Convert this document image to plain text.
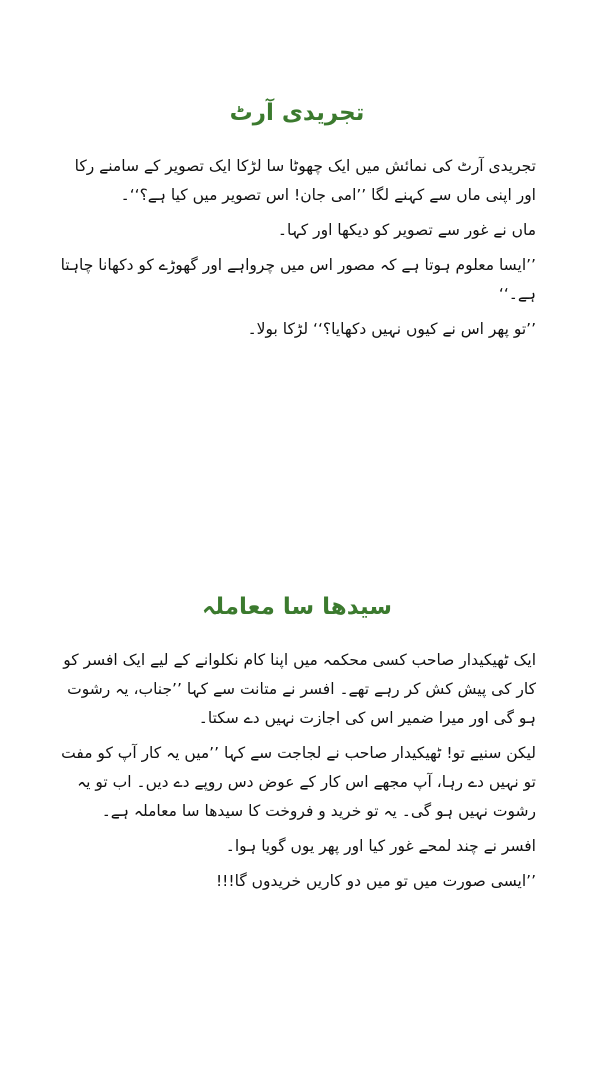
تجریدی آرٹ

تجریدی آرٹ کی نمائش میں ایک چھوٹا سا لڑکا ایک تصویر کے سامنے رکا اور اپنی ماں سے کہنے لگا ’’امی جان! اس تصویر میں کیا ہے؟‘‘۔

ماں نے غور سے تصویر کو دیکھا اور کہا۔

’’ایسا معلوم ہوتا ہے کہ مصور اس میں چرواہے اور گھوڑے کو دکھانا چاہتا ہے۔‘‘

’’تو پھر اس نے کیوں نہیں دکھایا؟‘‘ لڑکا بولا۔

سیدھا سا معاملہ

ایک ٹھیکیدار صاحب کسی محکمہ میں اپنا کام نکلوانے کے لیے ایک افسر کو کار کی پیش کش کر رہے تھے۔ افسر نے متانت سے کہا ’’جناب، یہ رشوت ہو گی اور میرا ضمیر اس کی اجازت نہیں دے سکتا۔

لیکن سنیے تو! ٹھیکیدار صاحب نے لجاجت سے کہا ’’میں یہ کار آپ کو مفت تو نہیں دے رہا، آپ مجھے اس کار کے عوض دس روپے دے دیں۔ اب تو یہ رشوت نہیں ہو گی۔ یہ تو خرید و فروخت کا سیدھا سا معاملہ ہے۔

افسر نے چند لمحے غور کیا اور پھر یوں گویا ہوا۔

’’ایسی صورت میں تو میں دو کاریں خریدوں گا!!!
